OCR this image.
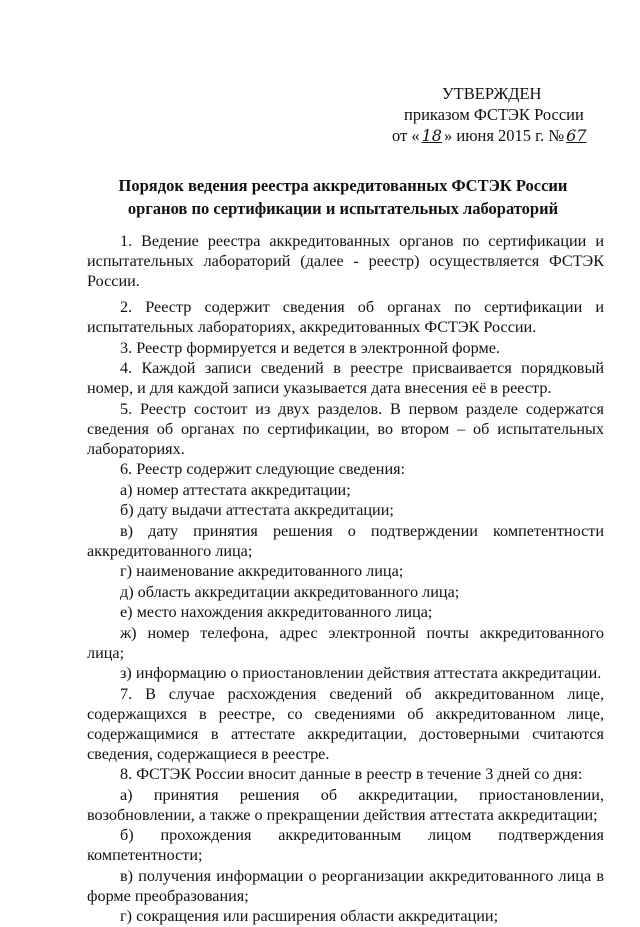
УТВЕРЖДЕН
приказом ФСТЭК России
от « 18 » июня 2015 г. № 67
Порядок ведения реестра аккредитованных ФСТЭК России органов по сертификации и испытательных лабораторий

1. Ведение реестра аккредитованных органов по сертификации и испытательных лабораторий (далее - реестр) осуществляется ФСТЭК России.

2. Реестр содержит сведения об органах по сертификации и испытательных лабораториях, аккредитованных ФСТЭК России.

3. Реестр формируется и ведется в электронной форме.

4. Каждой записи сведений в реестре присваивается порядковый номер, и для каждой записи указывается дата внесения её в реестр.

5. Реестр состоит из двух разделов. В первом разделе содержатся сведения об органах по сертификации, во втором – об испытательных лабораториях.

6. Реестр содержит следующие сведения:

а) номер аттестата аккредитации;

б) дату выдачи аттестата аккредитации;

в) дату принятия решения о подтверждении компетентности аккредитованного лица;

г) наименование аккредитованного лица;

д) область аккредитации аккредитованного лица;

е) место нахождения аккредитованного лица;

ж) номер телефона, адрес электронной почты аккредитованного лица;

з) информацию о приостановлении действия аттестата аккредитации.

7. В случае расхождения сведений об аккредитованном лице, содержащихся в реестре, со сведениями об аккредитованном лице, содержащимися в аттестате аккредитации, достоверными считаются сведения, содержащиеся в реестре.

8. ФСТЭК России вносит данные в реестр в течение 3 дней со дня:

а) принятия решения об аккредитации, приостановлении, возобновлении, а также о прекращении действия аттестата аккредитации;

б) прохождения аккредитованным лицом подтверждения компетентности;

в) получения информации о реорганизации аккредитованного лица в форме преобразования;

г) сокращения или расширения области аккредитации;
